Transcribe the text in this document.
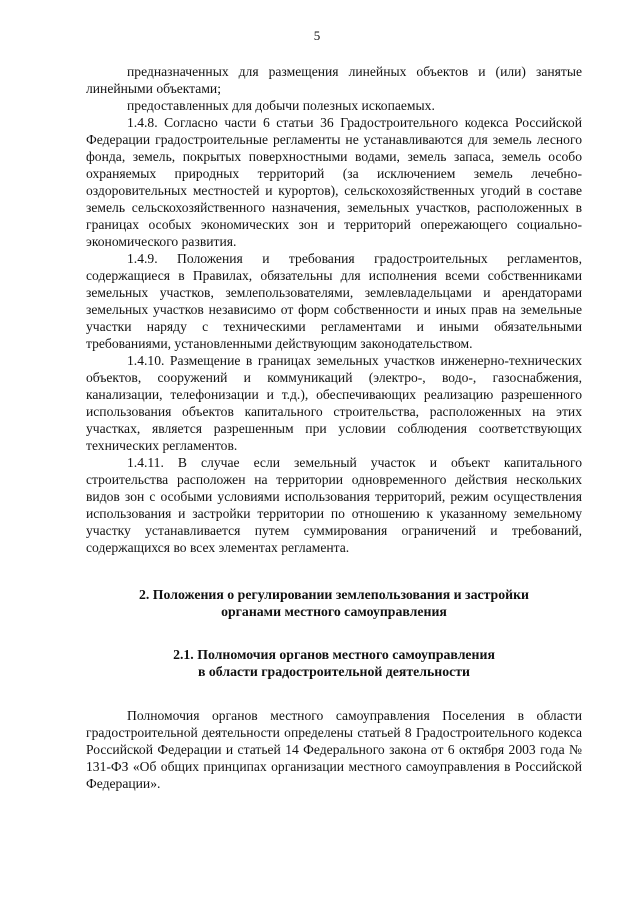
5

предназначенных для размещения линейных объектов и (или) занятые линейными объектами;

предоставленных для добычи полезных ископаемых.

1.4.8. Согласно части 6 статьи 36 Градостроительного кодекса Российской Федерации градостроительные регламенты не устанавливаются для земель лесного фонда, земель, покрытых поверхностными водами, земель запаса, земель особо охраняемых природных территорий (за исключением земель лечебно-оздоровительных местностей и курортов), сельскохозяйственных угодий в составе земель сельскохозяйственного назначения, земельных участков, расположенных в границах особых экономических зон и территорий опережающего социально-экономического развития.

1.4.9. Положения и требования градостроительных регламентов, содержащиеся в Правилах, обязательны для исполнения всеми собственниками земельных участков, землепользователями, землевладельцами и арендаторами земельных участков независимо от форм собственности и иных прав на земельные участки наряду с техническими регламентами и иными обязательными требованиями, установленными действующим законодательством.

1.4.10. Размещение в границах земельных участков инженерно-технических объектов, сооружений и коммуникаций (электро-, водо-, газоснабжения, канализации, телефонизации и т.д.), обеспечивающих реализацию разрешенного использования объектов капитального строительства, расположенных на этих участках, является разрешенным при условии соблюдения соответствующих технических регламентов.

1.4.11. В случае если земельный участок и объект капитального строительства расположен на территории одновременного действия нескольких видов зон с особыми условиями использования территорий, режим осуществления использования и застройки территории по отношению к указанному земельному участку устанавливается путем суммирования ограничений и требований, содержащихся во всех элементах регламента.

2. Положения о регулировании землепользования и застройки
органами местного самоуправления
2.1. Полномочия органов местного самоуправления
в области градостроительной деятельности

Полномочия органов местного самоуправления Поселения в области градостроительной деятельности определены статьей 8 Градостроительного кодекса Российской Федерации и статьей 14 Федерального закона от 6 октября 2003 года № 131-ФЗ «Об общих принципах организации местного самоуправления в Российской Федерации».
